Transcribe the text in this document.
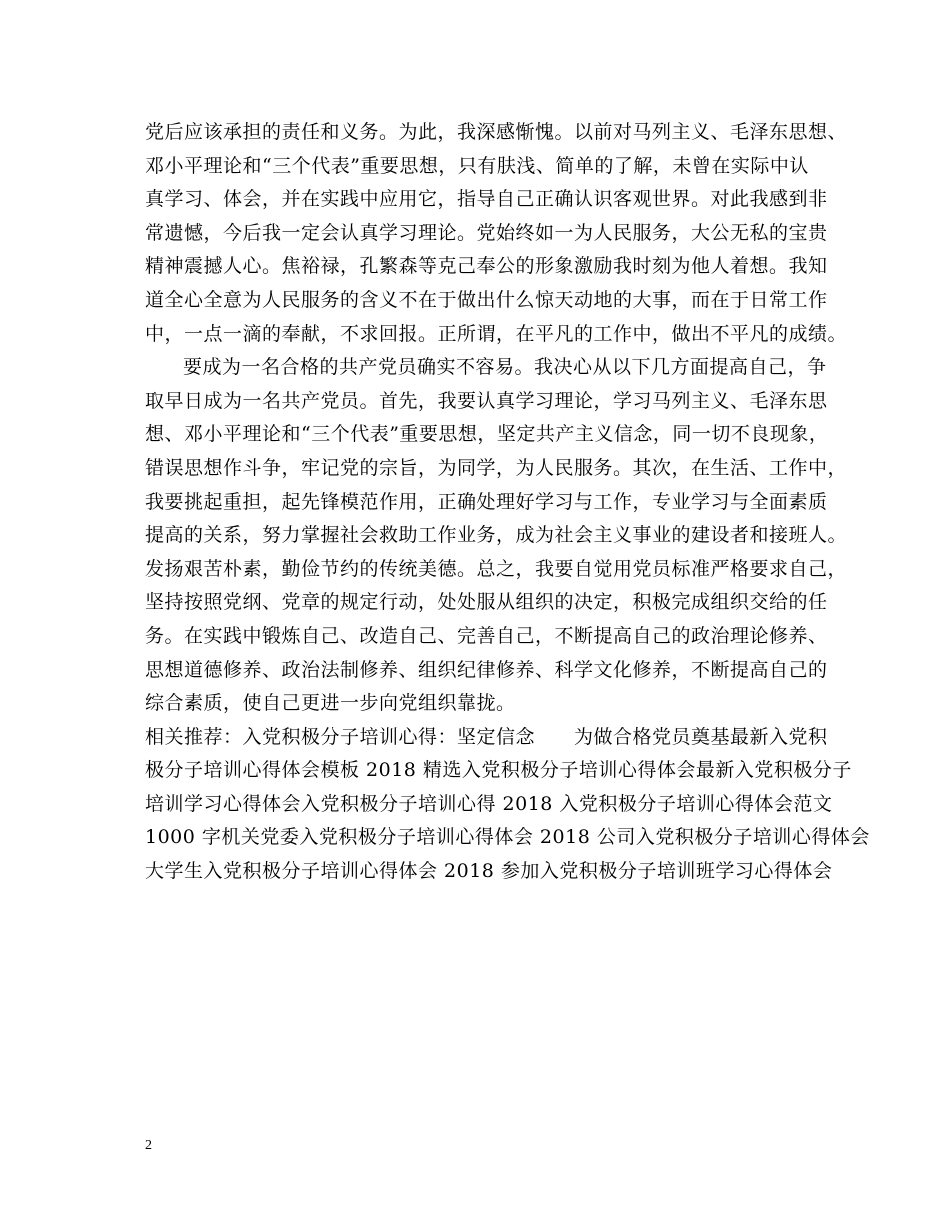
党后应该承担的责任和义务。为此，我深感惭愧。以前对马列主义、毛泽东思想、
邓小平理论和“三个代表”重要思想，只有肤浅、简单的了解，未曾在实际中认
真学习、体会，并在实践中应用它，指导自己正确认识客观世界。对此我感到非
常遗憾，今后我一定会认真学习理论。党始终如一为人民服务，大公无私的宝贵
精神震撼人心。焦裕禄，孔繁森等克己奉公的形象激励我时刻为他人着想。我知
道全心全意为人民服务的含义不在于做出什么惊天动地的大事，而在于日常工作
中，一点一滴的奉献，不求回报。正所谓，在平凡的工作中，做出不平凡的成绩。
要成为一名合格的共产党员确实不容易。我决心从以下几方面提高自己，争
取早日成为一名共产党员。首先，我要认真学习理论，学习马列主义、毛泽东思
想、邓小平理论和“三个代表”重要思想，坚定共产主义信念，同一切不良现象，
错误思想作斗争，牢记党的宗旨，为同学，为人民服务。其次，在生活、工作中，
我要挑起重担，起先锋模范作用，正确处理好学习与工作，专业学习与全面素质
提高的关系，努力掌握社会救助工作业务，成为社会主义事业的建设者和接班人。
发扬艰苦朴素，勤俭节约的传统美德。总之，我要自觉用党员标准严格要求自己，
坚持按照党纲、党章的规定行动，处处服从组织的决定，积极完成组织交给的任
务。在实践中锻炼自己、改造自己、完善自己，不断提高自己的政治理论修养、
思想道德修养、政治法制修养、组织纪律修养、科学文化修养，不断提高自己的
综合素质，使自己更进一步向党组织靠拢。
相关推荐：入党积极分子培训心得：坚定信念　　为做合格党员奠基最新入党积
极分子培训心得体会模板 2018 精选入党积极分子培训心得体会最新入党积极分子
培训学习心得体会入党积极分子培训心得 2018 入党积极分子培训心得体会范文
1000 字机关党委入党积极分子培训心得体会 2018 公司入党积极分子培训心得体会
大学生入党积极分子培训心得体会 2018 参加入党积极分子培训班学习心得体会
2
